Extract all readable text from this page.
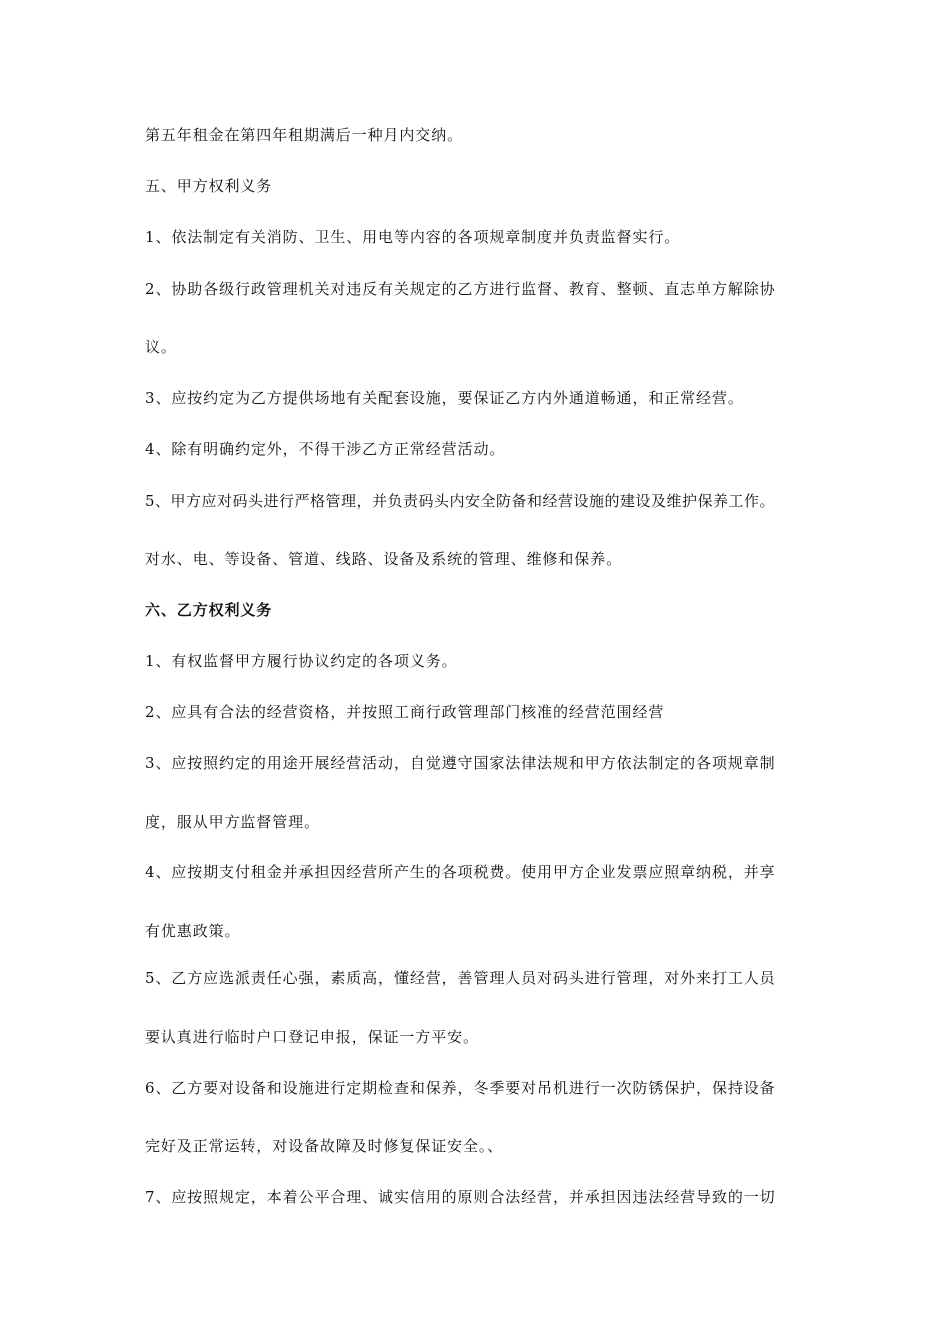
第五年租金在第四年租期满后一种月内交纳。
五、甲方权利义务
1、依法制定有关消防、卫生、用电等内容的各项规章制度并负责监督实行。
2、协助各级行政管理机关对违反有关规定的乙方进行监督、教育、整顿、直志单方解除协
议。
3、应按约定为乙方提供场地有关配套设施，要保证乙方内外通道畅通，和正常经营。
4、除有明确约定外，不得干涉乙方正常经营活动。
5、甲方应对码头进行严格管理，并负责码头内安全防备和经营设施的建设及维护保养工作。
对水、电、等设备、管道、线路、设备及系统的管理、维修和保养。
六、乙方权利义务
1、有权监督甲方履行协议约定的各项义务。
2、应具有合法的经营资格，并按照工商行政管理部门核准的经营范围经营
3、应按照约定的用途开展经营活动，自觉遵守国家法律法规和甲方依法制定的各项规章制
度，服从甲方监督管理。
4、应按期支付租金并承担因经营所产生的各项税费。使用甲方企业发票应照章纳税，并享
有优惠政策。
5、乙方应选派责任心强，素质高，懂经营，善管理人员对码头进行管理，对外来打工人员
要认真进行临时户口登记申报，保证一方平安。
6、乙方要对设备和设施进行定期检查和保养，冬季要对吊机进行一次防锈保护，保持设备
完好及正常运转，对设备故障及时修复保证安全。、
7、应按照规定，本着公平合理、诚实信用的原则合法经营，并承担因违法经营导致的一切
